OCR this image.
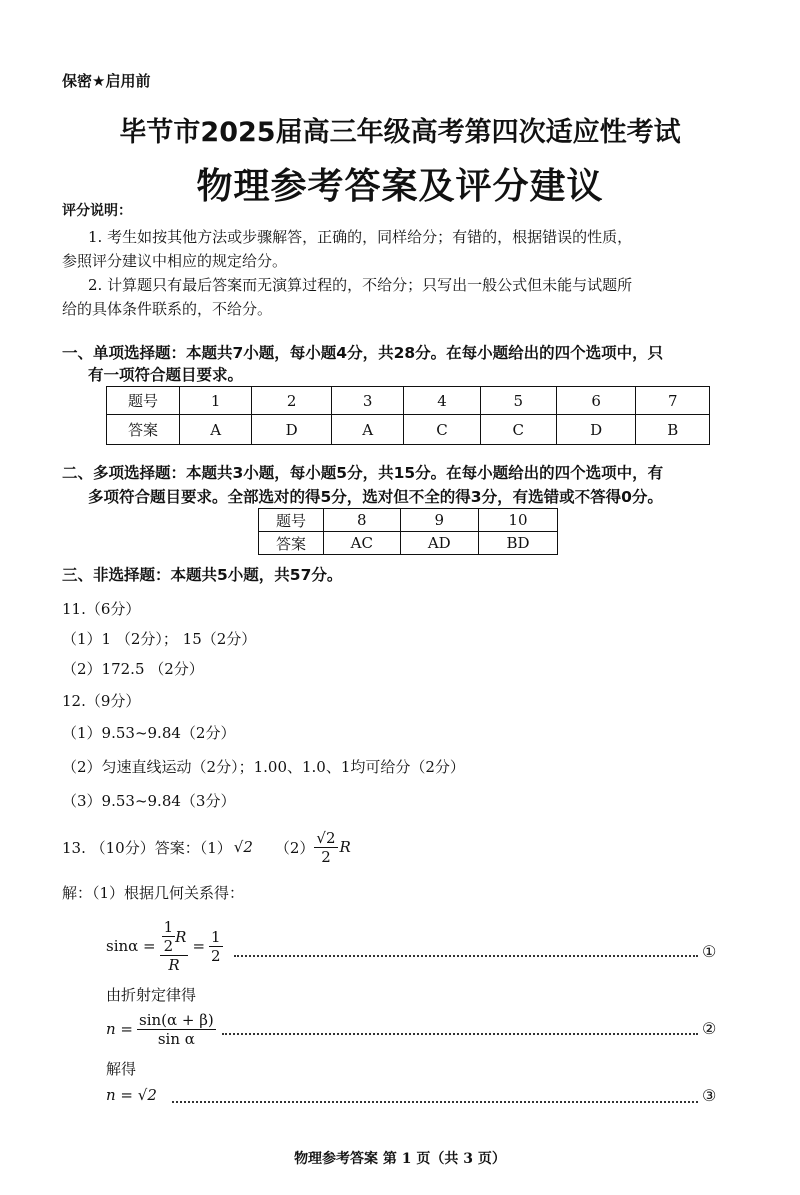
保密★启用前
毕节市2025届高三年级高考第四次适应性考试
物理参考答案及评分建议
评分说明：
1. 考生如按其他方法或步骤解答，正确的，同样给分；有错的，根据错误的性质，
参照评分建议中相应的规定给分。
2. 计算题只有最后答案而无演算过程的，不给分；只写出一般公式但未能与试题所
给的具体条件联系的，不给分。
一、单项选择题：本题共7小题，每小题4分，共28分。在每小题给出的四个选项中，只
有一项符合题目要求。
题号	1	2	3	4	5	6	7
答案	A	D	A	C	C	D	B
二、多项选择题：本题共3小题，每小题5分，共15分。在每小题给出的四个选项中，有
多项符合题目要求。全部选对的得5分，选对但不全的得3分，有选错或不答得0分。
题号	8	9	10
答案	AC	AD	BD
三、非选择题：本题共5小题，共57分。
11.（6分）
（1）1 （2分）； 15（2分）
（2）172.5 （2分）
12.（9分）
（1）9.53~9.84（2分）
（2）匀速直线运动（2分）；1.00、1.0、1均可给分（2分）
（3）9.53~9.84（3分）
13. （10分）答案：（1） √2 $(2) \frac{√2}{2}$ R
解：（1）根据几何关系得：
$\sin\alpha = \frac{\frac{1}{2} R}{R} = \frac{1}{2}$	①
由折射定律得
$n = \frac{\sin(\alpha + \beta)}{\text{sin α}}$	②
解得
n = √2	③
物理参考答案 第 1 页（共 3 页）
